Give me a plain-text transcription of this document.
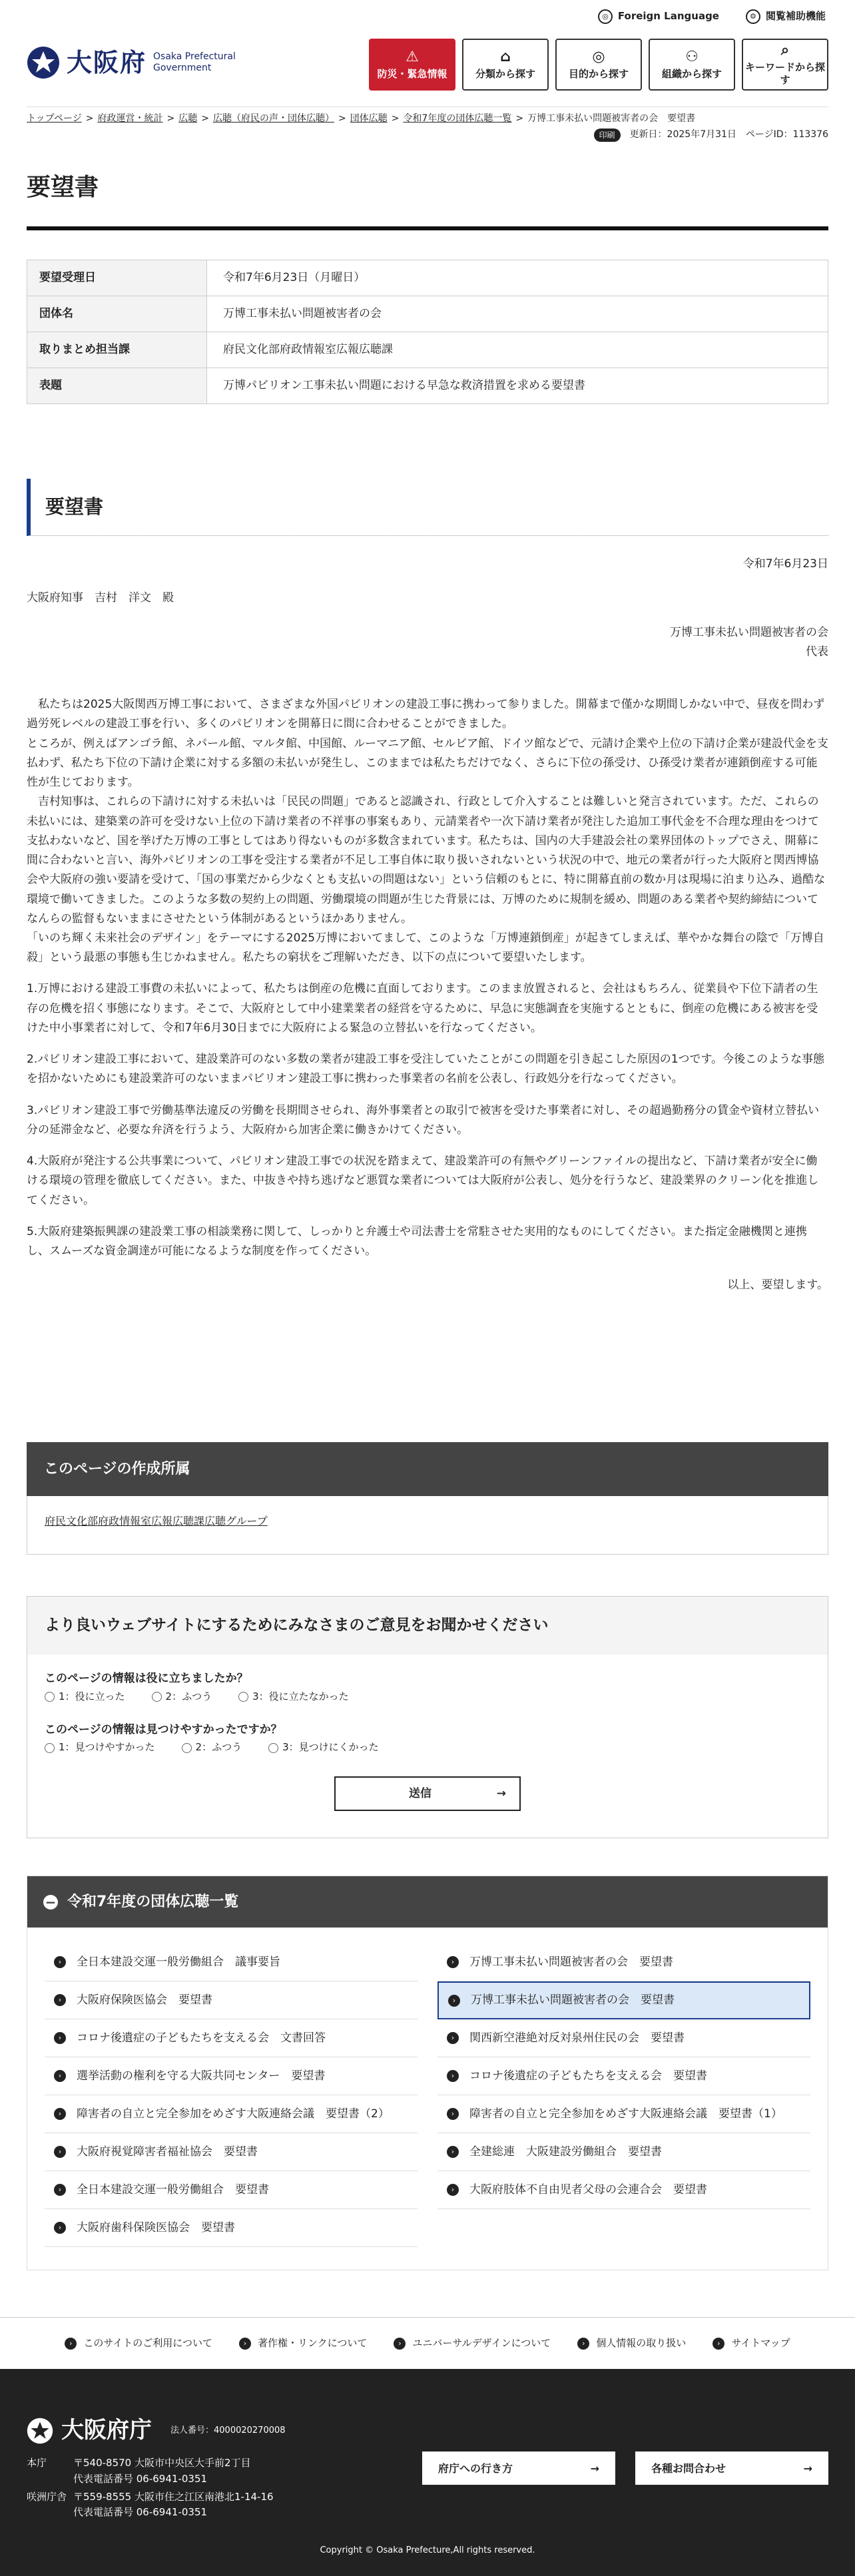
◎ Foreign Language	⚙ 閲覧補助機能
大阪府 Osaka Prefectural
Government
⚠
防災・緊急情報
⌂
分類から探す
◎
目的から探す
⚇
組織から探す
⌕
キーワードから探す
トップページ > 府政運営・統計 > 広聴 > 広聴（府民の声・団体広聴） > 団体広聴 > 令和7年度の団体広聴一覧 > 万博工事未払い問題被害者の会　要望書
印刷	更新日：2025年7月31日 ページID：113376
要望書
要望受理日	令和7年6月23日（月曜日）
団体名	万博工事未払い問題被害者の会
取りまとめ担当課	府民文化部府政情報室広報広聴課
表題	万博パビリオン工事未払い問題における早急な救済措置を求める要望書
要望書
令和7年6月23日
大阪府知事　吉村　洋文　殿
万博工事未払い問題被害者の会
代表
　私たちは2025大阪関西万博工事において、さまざまな外国パビリオンの建設工事に携わって参りました。開幕まで僅かな期間しかない中で、昼夜を問わず過労死レベルの建設工事を行い、多くのパビリオンを開幕日に間に合わせることができました。
ところが、例えばアンゴラ館、ネパール館、マルタ館、中国館、ルーマニア館、セルビア館、ドイツ館などで、元請け企業や上位の下請け企業が建設代金を支払わず、私たち下位の下請け企業に対する多額の未払いが発生し、このままでは私たちだけでなく、さらに下位の孫受け、ひ孫受け業者が連鎖倒産する可能性が生じております。
　吉村知事は、これらの下請けに対する未払いは「民民の問題」であると認識され、行政として介入することは難しいと発言されています。ただ、これらの未払いには、建築業の許可を受けない上位の下請け業者の不祥事の事案もあり、元請業者や一次下請け業者が発注した追加工事代金を不合理な理由をつけて支払わないなど、国を挙げた万博の工事としてはあり得ないものが多数含まれています。私たちは、国内の大手建設会社の業界団体のトップでさえ、開幕に間に合わないと言い、海外パビリオンの工事を受注する業者が不足し工事自体に取り扱いされないという状況の中で、地元の業者が行った大阪府と関西博協会や大阪府の強い要請を受けて、「国の事業だから少なくとも支払いの問題はない」という信頼のもとに、特に開幕直前の数か月は現場に泊まり込み、過酷な環境で働いてきました。このような多数の契約上の問題、労働環境の問題が生じた背景には、万博のために規制を緩め、問題のある業者や契約締結についてなんらの監督もないままにさせたという体制があるというほかありません。
「いのち輝く未来社会のデザイン」をテーマにする2025万博においてまして、このような「万博連鎖倒産」が起きてしまえば、華やかな舞台の陰で「万博自殺」という最悪の事態も生じかねません。私たちの窮状をご理解いただき、以下の点について要望いたします。
1.万博における建設工事費の未払いによって、私たちは倒産の危機に直面しております。このまま放置されると、会社はもちろん、従業員や下位下請者の生存の危機を招く事態になります。そこで、大阪府として中小建業業者の経営を守るために、早急に実態調査を実施するとともに、倒産の危機にある被害を受けた中小事業者に対して、令和7年6月30日までに大阪府による緊急の立替払いを行なってください。
2.パビリオン建設工事において、建設業許可のない多数の業者が建設工事を受注していたことがこの問題を引き起こした原因の1つです。今後このような事態を招かないためにも建設業許可のないままパビリオン建設工事に携わった事業者の名前を公表し、行政処分を行なってください。
3.パビリオン建設工事で労働基準法違反の労働を長期間させられ、海外事業者との取引で被害を受けた事業者に対し、その超過勤務分の賃金や資材立替払い分の延滞金など、必要な弁済を行うよう、大阪府から加害企業に働きかけてください。
4.大阪府が発注する公共事業について、パビリオン建設工事での状況を踏まえて、建設業許可の有無やグリーンファイルの提出など、下請け業者が安全に働ける環境の管理を徹底してください。また、中抜きや持ち逃げなど悪質な業者については大阪府が公表し、処分を行うなど、建設業界のクリーン化を推進してください。
5.大阪府建築振興課の建設業工事の相談業務に関して、しっかりと弁護士や司法書士を常駐させた実用的なものにしてください。また指定金融機関と連携し、スムーズな資金調達が可能になるような制度を作ってください。
以上、要望します。
このページの作成所属
府民文化部府政情報室広報広聴課広聴グループ
より良いウェブサイトにするためにみなさまのご意見をお聞かせください
このページの情報は役に立ちましたか？
1：役に立った	2：ふつう	3：役に立たなかった
このページの情報は見つけやすかったですか？
1：見つけやすかった	2：ふつう	3：見つけにくかった
送信	→
− 令和7年度の団体広聴一覧
›	全日本建設交運一般労働組合　議事要旨
›	大阪府保険医協会　要望書
›	コロナ後遺症の子どもたちを支える会　文書回答
›	選挙活動の権利を守る大阪共同センター　要望書
›	障害者の自立と完全参加をめざす大阪連絡会議　要望書（2）
›	大阪府視覚障害者福祉協会　要望書
›	全日本建設交運一般労働組合　要望書
›	大阪府歯科保険医協会　要望書
›	万博工事未払い問題被害者の会　要望書
›	万博工事未払い問題被害者の会　要望書
›	関西新空港絶対反対泉州住民の会　要望書
›	コロナ後遺症の子どもたちを支える会　要望書
›	障害者の自立と完全参加をめざす大阪連絡会議　要望書（1）
›	全建総連　大阪建設労働組合　要望書
›	大阪府肢体不自由児者父母の会連合会　要望書
›	このサイトのご利用について	›	著作権・リンクについて	›	ユニバーサルデザインについて	›	個人情報の取り扱い	›	サイトマップ
大阪府庁 法人番号：4000020270008
本庁	〒540-8570 大阪市中央区大手前2丁目
代表電話番号 06-6941-0351
咲洲庁舎 〒559-8555 大阪市住之江区南港北1-14-16
代表電話番号 06-6941-0351
府庁への行き方	→	各種お問合わせ	→
Copyright © Osaka Prefecture,All rights reserved.
